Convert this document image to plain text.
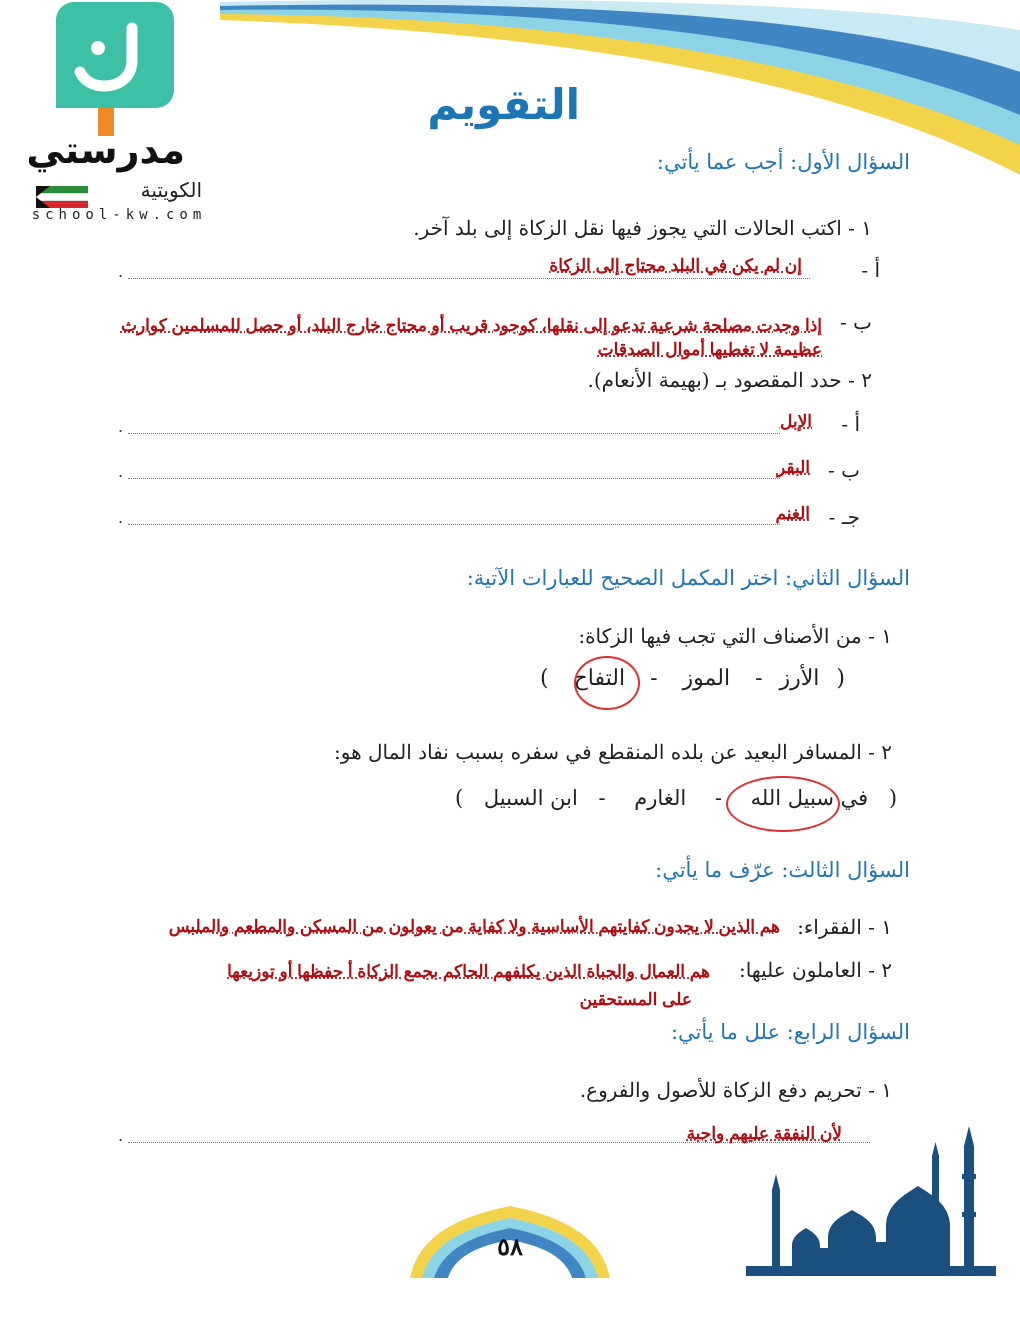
مدرستي
الكويتية
school-kw.com
التقويم
السؤال الأول: أجب عما يأتي:
١ - اكتب الحالات التي يجوز فيها نقل الزكاة إلى بلد آخر.
أ -
.	إن لم يكن في البلد محتاج إلى الزكاة
ب -
إذا وجدت مصلحة شرعية تدعو إلى نقلها، كوجود قريب أو محتاج خارج البلد، أو حصل للمسلمين كوارث عظيمة لا تغطيها أموال الصدقات
٢ - حدد المقصود بـ (بهيمة الأنعام).
أ -
.	الإبل
ب -
.	البقر
جـ -
.	الغنم
السؤال الثاني: اختر المكمل الصحيح للعبارات الآتية:
١ - من الأصناف التي تجب فيها الزكاة:
(	الأرز - الموز - التفاح	)
٢ - المسافر البعيد عن بلده المنقطع في سفره بسبب نفاد المال هو:
(	في سبيل الله - الغارم - ابن السبيل	)
السؤال الثالث: عرّف ما يأتي:
١ - الفقراء:
هم الذين لا يجدون كفايتهم الأساسية ولا كفاية من يعولون من المسكن والمطعم والملبس
٢ - العاملون عليها:
هم العمال والجباة الذين يكلفهم الحاكم بجمع الزكاة أ حفظها أو توزيعها
على المستحقين
السؤال الرابع: علل ما يأتي:
١ - تحريم دفع الزكاة للأصول والفروع.
.	لأن النفقة عليهم واجبة
٥٨
